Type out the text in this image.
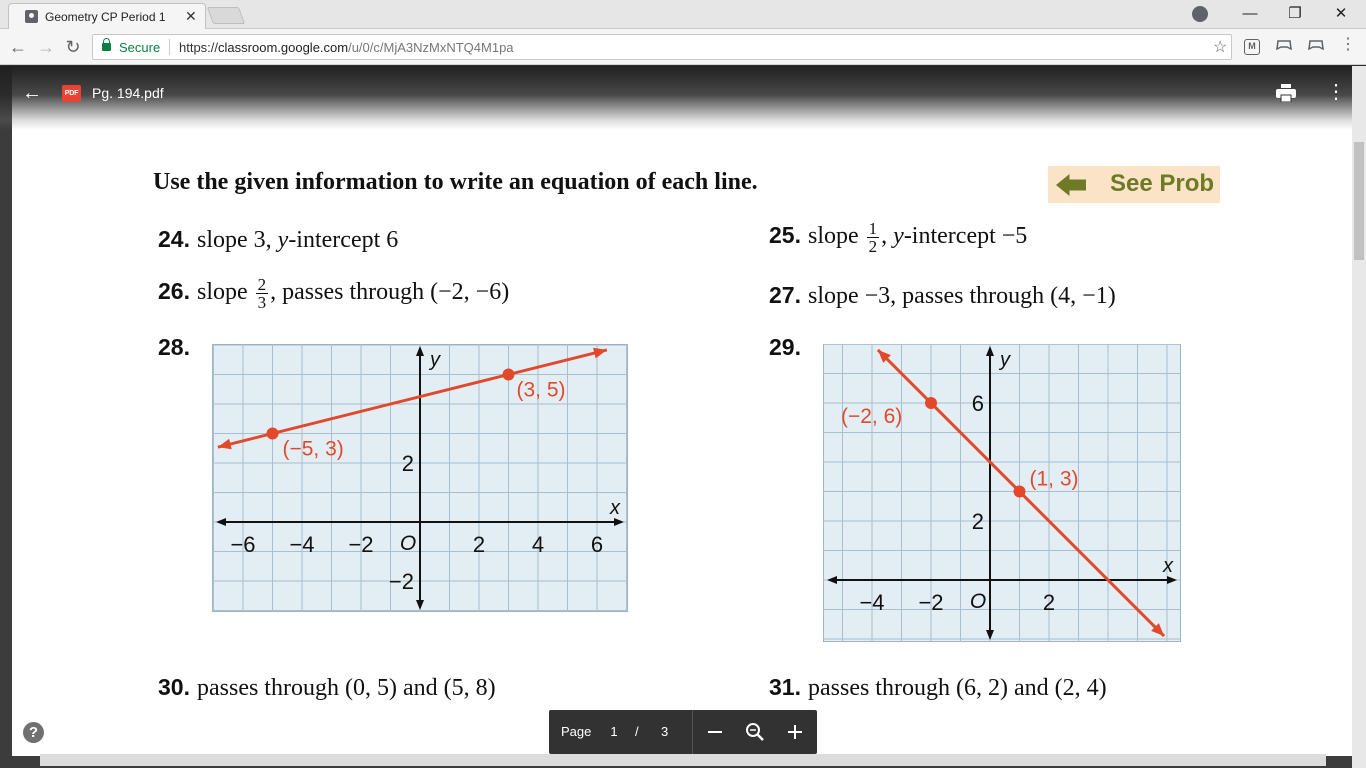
Geometry CP Period 1 ✕	—	❐	✕
← → ↻	Secure https://classroom.google.com/u/0/c/MjA3NzMxNTQ4M1pa	☆	M	⋮
Use the given information to write an equation of each line.	See Prob
24. slope 3, y-intercept 6	25. slope $\frac{1}{2}$ , y-intercept −5
26. slope $\frac{2}{3}$ , passes through (−2, −6)	27. slope −3, passes through (4, −1)
28.	29.
x
y
−6 −4 −2	2 4 6
O
2
−2
(−5, 3)
(3, 5)
x
y
−4 −2	2
O
6
2
(−2, 6)
(1, 3)
30. passes through (0, 5) and (5, 8)	31. passes through (6, 2) and (2, 4)
←	PDF Pg. 194.pdf	⋮
?	Page 1 / 3
